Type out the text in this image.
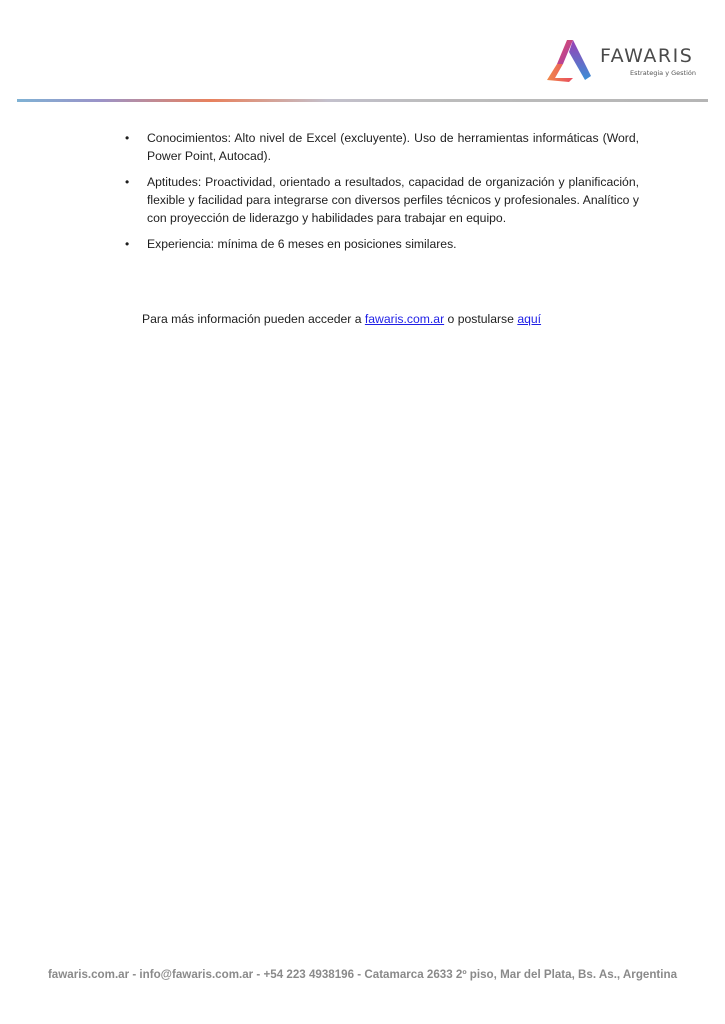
FAWARIS
Estrategia y Gestión
• Conocimientos: Alto nivel de Excel (excluyente). Uso de herramientas informáticas (Word, Power Point, Autocad).
• Aptitudes: Proactividad, orientado a resultados, capacidad de organización y planificación, flexible y facilidad para integrarse con diversos perfiles técnicos y profesionales. Analítico y con proyección de liderazgo y habilidades para trabajar en equipo.
• Experiencia: mínima de 6 meses en posiciones similares.
Para más información pueden acceder a fawaris.com.ar o postularse aquí
fawaris.com.ar - info@fawaris.com.ar - +54 223 4938196 - Catamarca 2633 2º piso, Mar del Plata, Bs. As., Argentina
